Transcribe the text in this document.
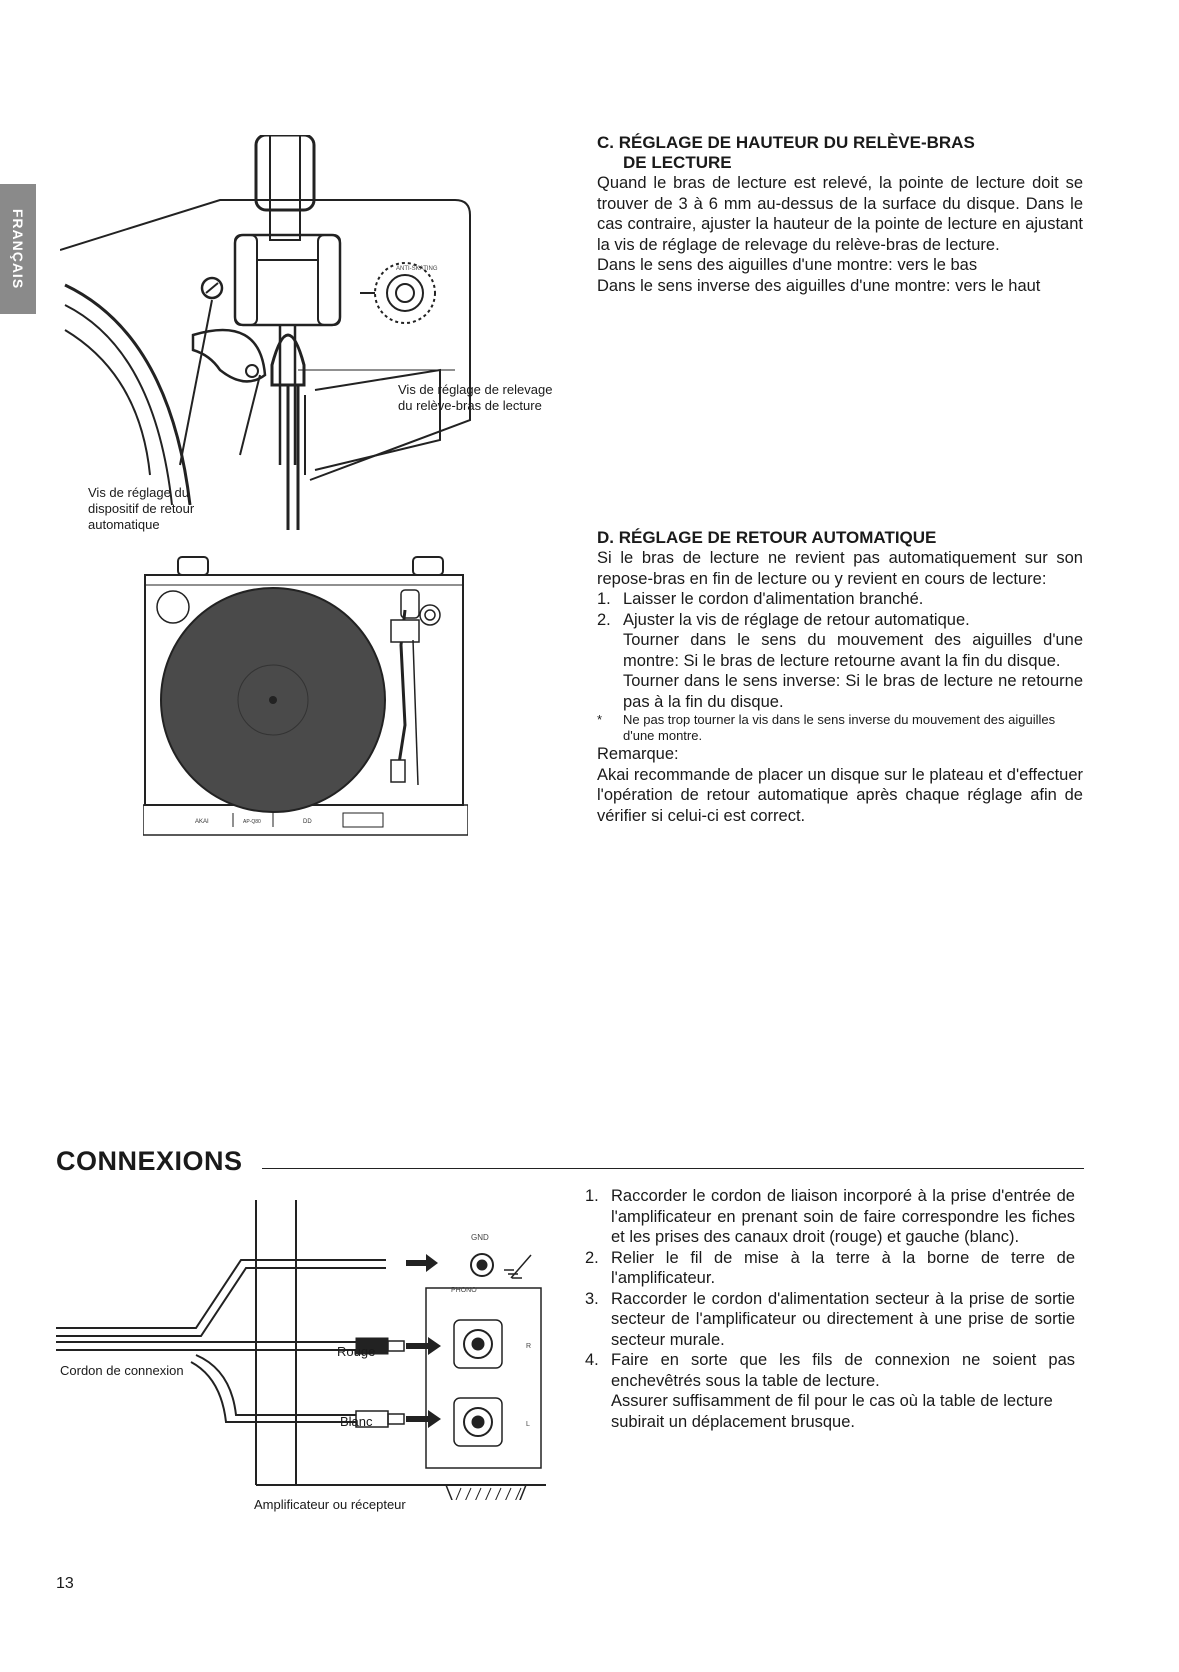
FRANÇAIS	ANTI-SKATING
Vis de réglage de relevage
du relève-bras de lecture
Vis de réglage du
dispositif de retour
automatique
C. RÉGLAGE DE HAUTEUR DU RELÈVE-BRAS
DE LECTURE
Quand le bras de lecture est relevé, la pointe de lecture doit se trouver de 3 à 6 mm au-dessus de la surface du disque. Dans le cas contraire, ajuster la hauteur de la pointe de lecture en ajustant la vis de réglage de relevage du relève-bras de lecture.
Dans le sens des aiguilles d'une montre: vers le bas
Dans le sens inverse des aiguilles d'une montre: vers le haut
AKAI	AP-Q80	DD
D. RÉGLAGE DE RETOUR AUTOMATIQUE
Si le bras de lecture ne revient pas automatiquement sur son repose-bras en fin de lecture ou y revient en cours de lecture:
1. Laisser le cordon d'alimentation branché.
2. Ajuster la vis de réglage de retour automatique.
Tourner dans le sens du mouvement des aiguilles d'une montre: Si le bras de lecture retourne avant la fin du disque.
Tourner dans le sens inverse: Si le bras de lecture ne retourne pas à la fin du disque.
*	Ne pas trop tourner la vis dans le sens inverse du mouvement des aiguilles d'une montre.
Remarque:
Akai recommande de placer un disque sur le plateau et d'effectuer l'opération de retour automatique après chaque réglage afin de vérifier si celui-ci est correct.
CONNEXIONS
GND
PHONO
R
L
Cordon de connexion
Rouge
Blanc
Amplificateur ou récepteur
1. Raccorder le cordon de liaison incorporé à la prise d'entrée de l'amplificateur en prenant soin de faire correspondre les fiches et les prises des canaux droit (rouge) et gauche (blanc).
2. Relier le fil de mise à la terre à la borne de terre de l'amplificateur.
3. Raccorder le cordon d'alimentation secteur à la prise de sortie secteur de l'amplificateur ou directement à une prise de sortie secteur murale.
4. Faire en sorte que les fils de connexion ne soient pas enchevêtrés sous la table de lecture.
Assurer suffisamment de fil pour le cas où la table de lecture subirait un déplacement brusque.
13
